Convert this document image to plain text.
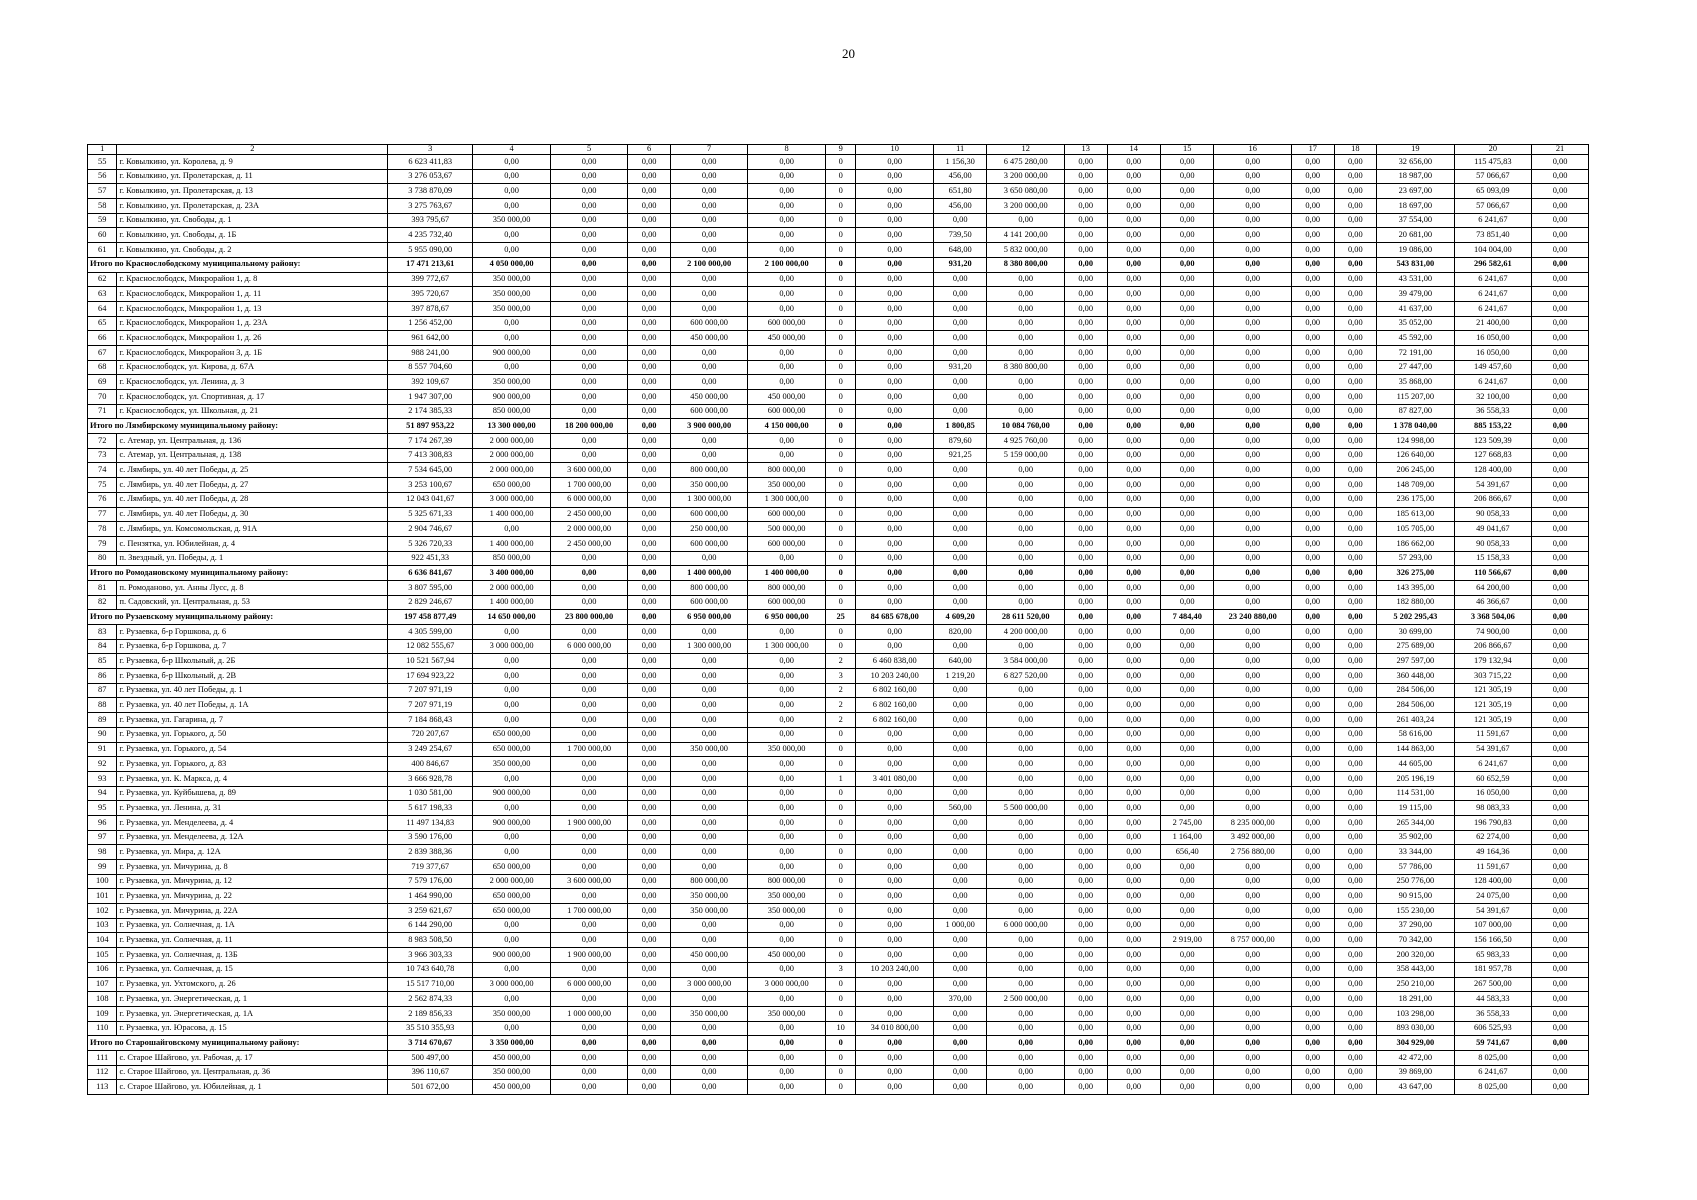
20
1	2	3	4	5	6	7	8	9	10	11	12	13	14	15	16	17	18	19	20	21
55	г. Ковылкино, ул. Королева, д. 9	6 623 411,83	0,00	0,00	0,00	0,00	0,00	0	0,00	1 156,30	6 475 280,00	0,00	0,00	0,00	0,00	0,00	0,00	32 656,00	115 475,83	0,00
56	г. Ковылкино, ул. Пролетарская, д. 11	3 276 053,67	0,00	0,00	0,00	0,00	0,00	0	0,00	456,00	3 200 000,00	0,00	0,00	0,00	0,00	0,00	0,00	18 987,00	57 066,67	0,00
57	г. Ковылкино, ул. Пролетарская, д. 13	3 738 870,09	0,00	0,00	0,00	0,00	0,00	0	0,00	651,80	3 650 080,00	0,00	0,00	0,00	0,00	0,00	0,00	23 697,00	65 093,09	0,00
58	г. Ковылкино, ул. Пролетарская, д. 23А	3 275 763,67	0,00	0,00	0,00	0,00	0,00	0	0,00	456,00	3 200 000,00	0,00	0,00	0,00	0,00	0,00	0,00	18 697,00	57 066,67	0,00
59	г. Ковылкино, ул. Свободы, д. 1	393 795,67	350 000,00	0,00	0,00	0,00	0,00	0	0,00	0,00	0,00	0,00	0,00	0,00	0,00	0,00	0,00	37 554,00	6 241,67	0,00
60	г. Ковылкино, ул. Свободы, д. 1Б	4 235 732,40	0,00	0,00	0,00	0,00	0,00	0	0,00	739,50	4 141 200,00	0,00	0,00	0,00	0,00	0,00	0,00	20 681,00	73 851,40	0,00
61	г. Ковылкино, ул. Свободы, д. 2	5 955 090,00	0,00	0,00	0,00	0,00	0,00	0	0,00	648,00	5 832 000,00	0,00	0,00	0,00	0,00	0,00	0,00	19 086,00	104 004,00	0,00
Итого по Краснослободскому муниципальному району:		17 471 213,61	4 050 000,00	0,00	0,00	2 100 000,00	2 100 000,00	0	0,00	931,20	8 380 800,00	0,00	0,00	0,00	0,00	0,00	0,00	543 831,00	296 582,61	0,00
62	г. Краснослободск, Микрорайон 1, д. 8	399 772,67	350 000,00	0,00	0,00	0,00	0,00	0	0,00	0,00	0,00	0,00	0,00	0,00	0,00	0,00	0,00	43 531,00	6 241,67	0,00
63	г. Краснослободск, Микрорайон 1, д. 11	395 720,67	350 000,00	0,00	0,00	0,00	0,00	0	0,00	0,00	0,00	0,00	0,00	0,00	0,00	0,00	0,00	39 479,00	6 241,67	0,00
64	г. Краснослободск, Микрорайон 1, д. 13	397 878,67	350 000,00	0,00	0,00	0,00	0,00	0	0,00	0,00	0,00	0,00	0,00	0,00	0,00	0,00	0,00	41 637,00	6 241,67	0,00
65	г. Краснослободск, Микрорайон 1, д. 23А	1 256 452,00	0,00	0,00	0,00	600 000,00	600 000,00	0	0,00	0,00	0,00	0,00	0,00	0,00	0,00	0,00	0,00	35 052,00	21 400,00	0,00
66	г. Краснослободск, Микрорайон 1, д. 26	961 642,00	0,00	0,00	0,00	450 000,00	450 000,00	0	0,00	0,00	0,00	0,00	0,00	0,00	0,00	0,00	0,00	45 592,00	16 050,00	0,00
67	г. Краснослободск, Микрорайон 3, д. 1Б	988 241,00	900 000,00	0,00	0,00	0,00	0,00	0	0,00	0,00	0,00	0,00	0,00	0,00	0,00	0,00	0,00	72 191,00	16 050,00	0,00
68	г. Краснослободск, ул. Кирова, д. 67А	8 557 704,60	0,00	0,00	0,00	0,00	0,00	0	0,00	931,20	8 380 800,00	0,00	0,00	0,00	0,00	0,00	0,00	27 447,00	149 457,60	0,00
69	г. Краснослободск, ул. Ленина, д. 3	392 109,67	350 000,00	0,00	0,00	0,00	0,00	0	0,00	0,00	0,00	0,00	0,00	0,00	0,00	0,00	0,00	35 868,00	6 241,67	0,00
70	г. Краснослободск, ул. Спортивная, д. 17	1 947 307,00	900 000,00	0,00	0,00	450 000,00	450 000,00	0	0,00	0,00	0,00	0,00	0,00	0,00	0,00	0,00	0,00	115 207,00	32 100,00	0,00
71	г. Краснослободск, ул. Школьная, д. 21	2 174 385,33	850 000,00	0,00	0,00	600 000,00	600 000,00	0	0,00	0,00	0,00	0,00	0,00	0,00	0,00	0,00	0,00	87 827,00	36 558,33	0,00
Итого по Лямбирскому муниципальному району:		51 897 953,22	13 300 000,00	18 200 000,00	0,00	3 900 000,00	4 150 000,00	0	0,00	1 800,85	10 084 760,00	0,00	0,00	0,00	0,00	0,00	0,00	1 378 040,00	885 153,22	0,00
72	с. Атемар, ул. Центральная, д. 136	7 174 267,39	2 000 000,00	0,00	0,00	0,00	0,00	0	0,00	879,60	4 925 760,00	0,00	0,00	0,00	0,00	0,00	0,00	124 998,00	123 509,39	0,00
73	с. Атемар, ул. Центральная, д. 138	7 413 308,83	2 000 000,00	0,00	0,00	0,00	0,00	0	0,00	921,25	5 159 000,00	0,00	0,00	0,00	0,00	0,00	0,00	126 640,00	127 668,83	0,00
74	с. Лямбирь, ул. 40 лет Победы, д. 25	7 534 645,00	2 000 000,00	3 600 000,00	0,00	800 000,00	800 000,00	0	0,00	0,00	0,00	0,00	0,00	0,00	0,00	0,00	0,00	206 245,00	128 400,00	0,00
75	с. Лямбирь, ул. 40 лет Победы, д. 27	3 253 100,67	650 000,00	1 700 000,00	0,00	350 000,00	350 000,00	0	0,00	0,00	0,00	0,00	0,00	0,00	0,00	0,00	0,00	148 709,00	54 391,67	0,00
76	с. Лямбирь, ул. 40 лет Победы, д. 28	12 043 041,67	3 000 000,00	6 000 000,00	0,00	1 300 000,00	1 300 000,00	0	0,00	0,00	0,00	0,00	0,00	0,00	0,00	0,00	0,00	236 175,00	206 866,67	0,00
77	с. Лямбирь, ул. 40 лет Победы, д. 30	5 325 671,33	1 400 000,00	2 450 000,00	0,00	600 000,00	600 000,00	0	0,00	0,00	0,00	0,00	0,00	0,00	0,00	0,00	0,00	185 613,00	90 058,33	0,00
78	с. Лямбирь, ул. Комсомольская, д. 91А	2 904 746,67	0,00	2 000 000,00	0,00	250 000,00	500 000,00	0	0,00	0,00	0,00	0,00	0,00	0,00	0,00	0,00	0,00	105 705,00	49 041,67	0,00
79	с. Пензятка, ул. Юбилейная, д. 4	5 326 720,33	1 400 000,00	2 450 000,00	0,00	600 000,00	600 000,00	0	0,00	0,00	0,00	0,00	0,00	0,00	0,00	0,00	0,00	186 662,00	90 058,33	0,00
80	п. Звездный, ул. Победы, д. 1	922 451,33	850 000,00	0,00	0,00	0,00	0,00	0	0,00	0,00	0,00	0,00	0,00	0,00	0,00	0,00	0,00	57 293,00	15 158,33	0,00
Итого по Ромодановскому муниципальному району:		6 636 841,67	3 400 000,00	0,00	0,00	1 400 000,00	1 400 000,00	0	0,00	0,00	0,00	0,00	0,00	0,00	0,00	0,00	0,00	326 275,00	110 566,67	0,00
81	п. Ромоданово, ул. Анны Лусс, д. 8	3 807 595,00	2 000 000,00	0,00	0,00	800 000,00	800 000,00	0	0,00	0,00	0,00	0,00	0,00	0,00	0,00	0,00	0,00	143 395,00	64 200,00	0,00
82	п. Садовский, ул. Центральная, д. 53	2 829 246,67	1 400 000,00	0,00	0,00	600 000,00	600 000,00	0	0,00	0,00	0,00	0,00	0,00	0,00	0,00	0,00	0,00	182 880,00	46 366,67	0,00
Итого по Рузаевскому муниципальному району:		197 458 877,49	14 650 000,00	23 800 000,00	0,00	6 950 000,00	6 950 000,00	25	84 685 678,00	4 609,20	28 611 520,00	0,00	0,00	7 484,40	23 240 880,00	0,00	0,00	5 202 295,43	3 368 504,06	0,00
83	г. Рузаевка, б-р Горшкова, д. 6	4 305 599,00	0,00	0,00	0,00	0,00	0,00	0	0,00	820,00	4 200 000,00	0,00	0,00	0,00	0,00	0,00	0,00	30 699,00	74 900,00	0,00
84	г. Рузаевка, б-р Горшкова, д. 7	12 082 555,67	3 000 000,00	6 000 000,00	0,00	1 300 000,00	1 300 000,00	0	0,00	0,00	0,00	0,00	0,00	0,00	0,00	0,00	0,00	275 689,00	206 866,67	0,00
85	г. Рузаевка, б-р Школьный, д. 2Б	10 521 567,94	0,00	0,00	0,00	0,00	0,00	2	6 460 838,00	640,00	3 584 000,00	0,00	0,00	0,00	0,00	0,00	0,00	297 597,00	179 132,94	0,00
86	г. Рузаевка, б-р Школьный, д. 2В	17 694 923,22	0,00	0,00	0,00	0,00	0,00	3	10 203 240,00	1 219,20	6 827 520,00	0,00	0,00	0,00	0,00	0,00	0,00	360 448,00	303 715,22	0,00
87	г. Рузаевка, ул. 40 лет Победы, д. 1	7 207 971,19	0,00	0,00	0,00	0,00	0,00	2	6 802 160,00	0,00	0,00	0,00	0,00	0,00	0,00	0,00	0,00	284 506,00	121 305,19	0,00
88	г. Рузаевка, ул. 40 лет Победы, д. 1А	7 207 971,19	0,00	0,00	0,00	0,00	0,00	2	6 802 160,00	0,00	0,00	0,00	0,00	0,00	0,00	0,00	0,00	284 506,00	121 305,19	0,00
89	г. Рузаевка, ул. Гагарина, д. 7	7 184 868,43	0,00	0,00	0,00	0,00	0,00	2	6 802 160,00	0,00	0,00	0,00	0,00	0,00	0,00	0,00	0,00	261 403,24	121 305,19	0,00
90	г. Рузаевка, ул. Горького, д. 50	720 207,67	650 000,00	0,00	0,00	0,00	0,00	0	0,00	0,00	0,00	0,00	0,00	0,00	0,00	0,00	0,00	58 616,00	11 591,67	0,00
91	г. Рузаевка, ул. Горького, д. 54	3 249 254,67	650 000,00	1 700 000,00	0,00	350 000,00	350 000,00	0	0,00	0,00	0,00	0,00	0,00	0,00	0,00	0,00	0,00	144 863,00	54 391,67	0,00
92	г. Рузаевка, ул. Горького, д. 83	400 846,67	350 000,00	0,00	0,00	0,00	0,00	0	0,00	0,00	0,00	0,00	0,00	0,00	0,00	0,00	0,00	44 605,00	6 241,67	0,00
93	г. Рузаевка, ул. К. Маркса, д. 4	3 666 928,78	0,00	0,00	0,00	0,00	0,00	1	3 401 080,00	0,00	0,00	0,00	0,00	0,00	0,00	0,00	0,00	205 196,19	60 652,59	0,00
94	г. Рузаевка, ул. Куйбышева, д. 89	1 030 581,00	900 000,00	0,00	0,00	0,00	0,00	0	0,00	0,00	0,00	0,00	0,00	0,00	0,00	0,00	0,00	114 531,00	16 050,00	0,00
95	г. Рузаевка, ул. Ленина, д. 31	5 617 198,33	0,00	0,00	0,00	0,00	0,00	0	0,00	560,00	5 500 000,00	0,00	0,00	0,00	0,00	0,00	0,00	19 115,00	98 083,33	0,00
96	г. Рузаевка, ул. Менделеева, д. 4	11 497 134,83	900 000,00	1 900 000,00	0,00	0,00	0,00	0	0,00	0,00	0,00	0,00	0,00	2 745,00	8 235 000,00	0,00	0,00	265 344,00	196 790,83	0,00
97	г. Рузаевка, ул. Менделеева, д. 12А	3 590 176,00	0,00	0,00	0,00	0,00	0,00	0	0,00	0,00	0,00	0,00	0,00	1 164,00	3 492 000,00	0,00	0,00	35 902,00	62 274,00	0,00
98	г. Рузаевка, ул. Мира, д. 12А	2 839 388,36	0,00	0,00	0,00	0,00	0,00	0	0,00	0,00	0,00	0,00	0,00	656,40	2 756 880,00	0,00	0,00	33 344,00	49 164,36	0,00
99	г. Рузаевка, ул. Мичурина, д. 8	719 377,67	650 000,00	0,00	0,00	0,00	0,00	0	0,00	0,00	0,00	0,00	0,00	0,00	0,00	0,00	0,00	57 786,00	11 591,67	0,00
100	г. Рузаевка, ул. Мичурина, д. 12	7 579 176,00	2 000 000,00	3 600 000,00	0,00	800 000,00	800 000,00	0	0,00	0,00	0,00	0,00	0,00	0,00	0,00	0,00	0,00	250 776,00	128 400,00	0,00
101	г. Рузаевка, ул. Мичурина, д. 22	1 464 990,00	650 000,00	0,00	0,00	350 000,00	350 000,00	0	0,00	0,00	0,00	0,00	0,00	0,00	0,00	0,00	0,00	90 915,00	24 075,00	0,00
102	г. Рузаевка, ул. Мичурина, д. 22А	3 259 621,67	650 000,00	1 700 000,00	0,00	350 000,00	350 000,00	0	0,00	0,00	0,00	0,00	0,00	0,00	0,00	0,00	0,00	155 230,00	54 391,67	0,00
103	г. Рузаевка, ул. Солнечная, д. 1А	6 144 290,00	0,00	0,00	0,00	0,00	0,00	0	0,00	1 000,00	6 000 000,00	0,00	0,00	0,00	0,00	0,00	0,00	37 290,00	107 000,00	0,00
104	г. Рузаевка, ул. Солнечная, д. 11	8 983 508,50	0,00	0,00	0,00	0,00	0,00	0	0,00	0,00	0,00	0,00	0,00	2 919,00	8 757 000,00	0,00	0,00	70 342,00	156 166,50	0,00
105	г. Рузаевка, ул. Солнечная, д. 13Б	3 966 303,33	900 000,00	1 900 000,00	0,00	450 000,00	450 000,00	0	0,00	0,00	0,00	0,00	0,00	0,00	0,00	0,00	0,00	200 320,00	65 983,33	0,00
106	г. Рузаевка, ул. Солнечная, д. 15	10 743 640,78	0,00	0,00	0,00	0,00	0,00	3	10 203 240,00	0,00	0,00	0,00	0,00	0,00	0,00	0,00	0,00	358 443,00	181 957,78	0,00
107	г. Рузаевка, ул. Ухтомского, д. 26	15 517 710,00	3 000 000,00	6 000 000,00	0,00	3 000 000,00	3 000 000,00	0	0,00	0,00	0,00	0,00	0,00	0,00	0,00	0,00	0,00	250 210,00	267 500,00	0,00
108	г. Рузаевка, ул. Энергетическая, д. 1	2 562 874,33	0,00	0,00	0,00	0,00	0,00	0	0,00	370,00	2 500 000,00	0,00	0,00	0,00	0,00	0,00	0,00	18 291,00	44 583,33	0,00
109	г. Рузаевка, ул. Энергетическая, д. 1А	2 189 856,33	350 000,00	1 000 000,00	0,00	350 000,00	350 000,00	0	0,00	0,00	0,00	0,00	0,00	0,00	0,00	0,00	0,00	103 298,00	36 558,33	0,00
110	г. Рузаевка, ул. Юрасова, д. 15	35 510 355,93	0,00	0,00	0,00	0,00	0,00	10	34 010 800,00	0,00	0,00	0,00	0,00	0,00	0,00	0,00	0,00	893 030,00	606 525,93	0,00
Итого по Старошайговскому муниципальному району:		3 714 670,67	3 350 000,00	0,00	0,00	0,00	0,00	0	0,00	0,00	0,00	0,00	0,00	0,00	0,00	0,00	0,00	304 929,00	59 741,67	0,00
111	с. Старое Шайгово, ул. Рабочая, д. 17	500 497,00	450 000,00	0,00	0,00	0,00	0,00	0	0,00	0,00	0,00	0,00	0,00	0,00	0,00	0,00	0,00	42 472,00	8 025,00	0,00
112	с. Старое Шайгово, ул. Центральная, д. 36	396 110,67	350 000,00	0,00	0,00	0,00	0,00	0	0,00	0,00	0,00	0,00	0,00	0,00	0,00	0,00	0,00	39 869,00	6 241,67	0,00
113	с. Старое Шайгово, ул. Юбилейная, д. 1	501 672,00	450 000,00	0,00	0,00	0,00	0,00	0	0,00	0,00	0,00	0,00	0,00	0,00	0,00	0,00	0,00	43 647,00	8 025,00	0,00
